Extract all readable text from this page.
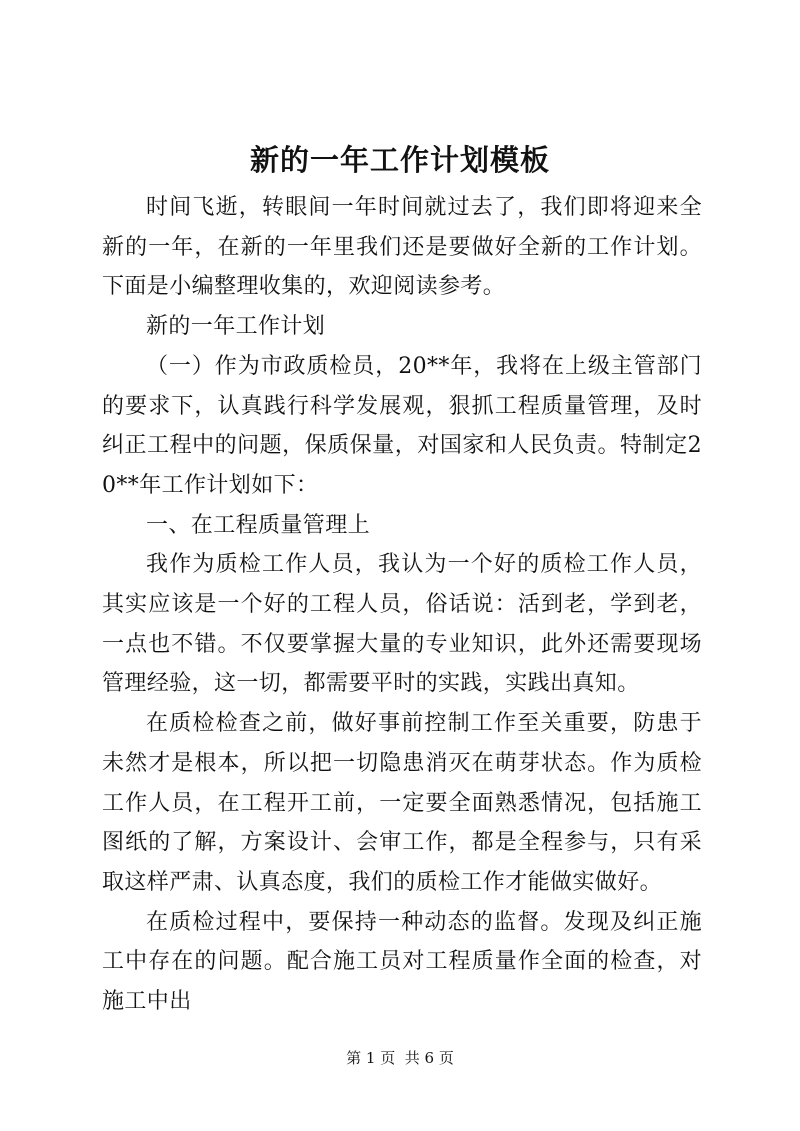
新的一年工作计划模板

时间飞逝，转眼间一年时间就过去了，我们即将迎来全新的一年，在新的一年里我们还是要做好全新的工作计划。下面是小编整理收集的，欢迎阅读参考。

新的一年工作计划

（一）作为市政质检员，20**年，我将在上级主管部门的要求下，认真践行科学发展观，狠抓工程质量管理，及时纠正工程中的问题，保质保量，对国家和人民负责。特制定20**年工作计划如下：

一、在工程质量管理上

我作为质检工作人员，我认为一个好的质检工作人员，其实应该是一个好的工程人员，俗话说：活到老，学到老，一点也不错。不仅要掌握大量的专业知识，此外还需要现场管理经验，这一切，都需要平时的实践，实践出真知。

在质检检查之前，做好事前控制工作至关重要，防患于未然才是根本，所以把一切隐患消灭在萌芽状态。作为质检工作人员，在工程开工前，一定要全面熟悉情况，包括施工图纸的了解，方案设计、会审工作，都是全程参与，只有采取这样严肃、认真态度，我们的质检工作才能做实做好。

在质检过程中，要保持一种动态的监督。发现及纠正施工中存在的问题。配合施工员对工程质量作全面的检查，对施工中出

第 1 页  共 6 页
